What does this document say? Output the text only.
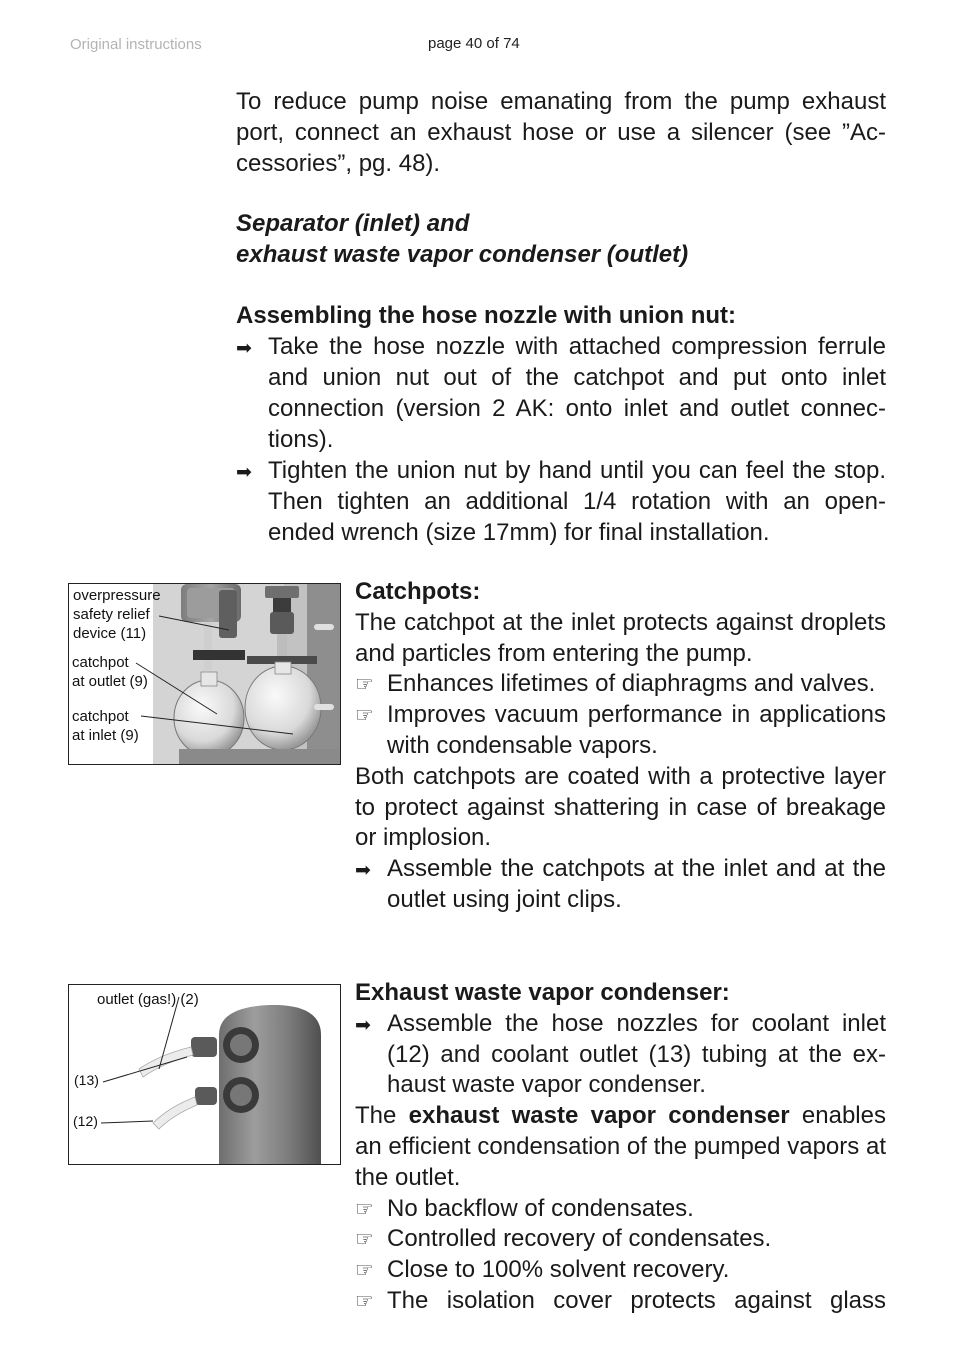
Original instructions	page 40 of 74

To reduce pump noise emanating from the pump exhaust port, connect an exhaust hose or use a silencer (see ”Accessories”, pg. 48).

Separator (inlet) and

exhaust waste vapor condenser (outlet)

Assembling the hose nozzle with union nut:

➡
Take the hose nozzle with attached compression ferrule and union nut out of the catchpot and put onto inlet connection (version 2 AK: onto inlet and outlet connections).
➡
Tighten the union nut by hand until you can feel the stop. Then tighten an additional 1/4 rotation with an open-ended wrench (size 17mm) for final installation.
overpressure
safety relief
device (11)
catchpot
at outlet (9)
catchpot
at inlet (9)

Catchpots:

The catchpot at the inlet protects against droplets and particles from entering the pump.

☞
Enhances lifetimes of diaphragms and valves.
☞
Improves vacuum performance in applications with condensable vapors.

Both catchpots are coated with a protective layer to protect against shattering in case of breakage or implosion.

➡
Assemble the catchpots at the inlet and at the outlet using joint clips.
outlet (gas!) (2)
(13)
(12)

Exhaust waste vapor condenser:

➡
Assemble the hose nozzles for coolant inlet (12) and coolant outlet (13) tubing at the exhaust waste vapor condenser.

The exhaust waste vapor condenser enables an efficient condensation of the pumped vapors at the outlet.

☞
No backflow of condensates.
☞
Controlled recovery of condensates.
☞
Close to 100% solvent recovery.
☞
The isolation cover protects against glass
